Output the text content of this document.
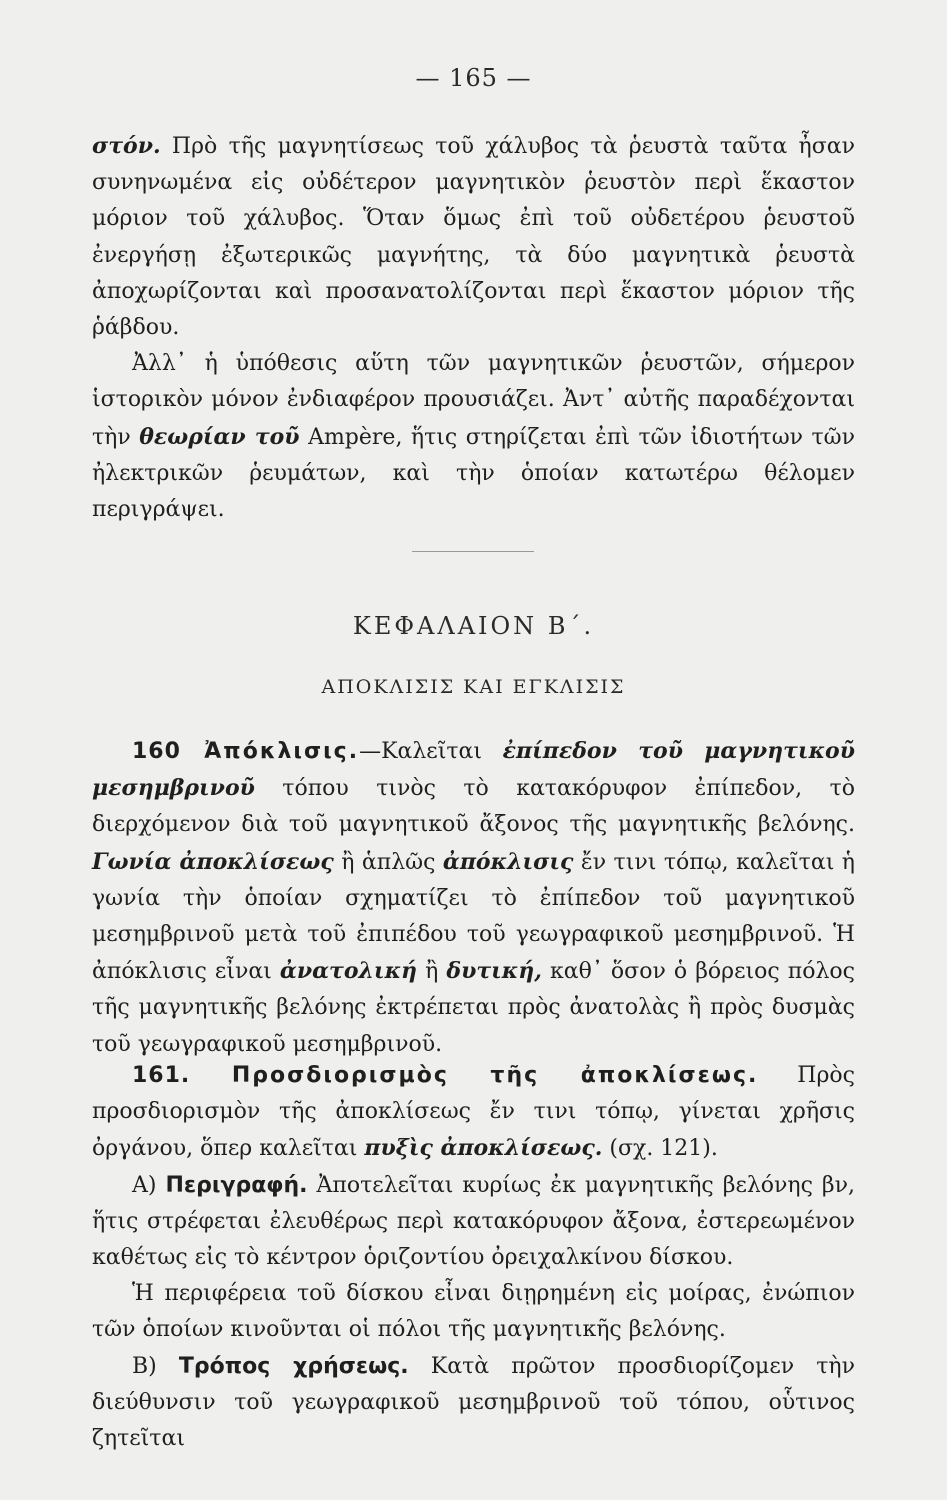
— 165 —

στόν. Πρὸ τῆς μαγνητίσεως τοῦ χάλυβος τὰ ῥευστὰ ταῦτα ἦσαν συνηνωμένα εἰς οὐδέτερον μαγνητικὸν ῥευστὸν περὶ ἕκαστον μόριον τοῦ χάλυβος. Ὅταν ὅμως ἐπὶ τοῦ οὐδετέρου ῥευστοῦ ἐνεργήσῃ ἐξωτερικῶς μαγνήτης, τὰ δύο μαγνητικὰ ῥευστὰ ἀποχωρίζονται καὶ προσανατολίζονται περὶ ἕκαστον μόριον τῆς ῥάβδου.

Ἀλλ᾿ ἡ ὑπόθεσις αὕτη τῶν μαγνητικῶν ῥευστῶν, σήμερον ἱστορικὸν μόνον ἐνδιαφέρον προυσιάζει. Ἀντ᾿ αὐτῆς παραδέχονται τὴν θεωρίαν τοῦ Ampère, ἥτις στηρίζεται ἐπὶ τῶν ἰδιοτήτων τῶν ἠλεκτρικῶν ῥευμάτων, καὶ τὴν ὁποίαν κατωτέρω θέλομεν περιγράψει.

ΚΕΦΑΛΑΙΟΝ Β΄.
ΑΠΟΚΛΙΣΙΣ ΚΑΙ ΕΓΚΛΙΣΙΣ

160 Ἀπόκλισις.—Καλεῖται ἐπίπεδον τοῦ μαγνητικοῦ μεσημβρινοῦ τόπου τινὸς τὸ κατακόρυφον ἐπίπεδον, τὸ διερχόμενον διὰ τοῦ μαγνητικοῦ ἄξονος τῆς μαγνητικῆς βελόνης. Γωνία ἀποκλίσεως ἢ ἁπλῶς ἀπόκλισις ἔν τινι τόπῳ, καλεῖται ἡ γωνία τὴν ὁποίαν σχηματίζει τὸ ἐπίπεδον τοῦ μαγνητικοῦ μεσημβρινοῦ μετὰ τοῦ ἐπιπέδου τοῦ γεωγραφικοῦ μεσημβρινοῦ. Ἡ ἀπόκλισις εἶναι ἀνατολική ἢ δυτική, καθ᾿ ὅσον ὁ βόρειος πόλος τῆς μαγνητικῆς βελόνης ἐκτρέπεται πρὸς ἀνατολὰς ἢ πρὸς δυσμὰς τοῦ γεωγραφικοῦ μεσημβρινοῦ.

161. Προσδιορισμὸς τῆς ἀποκλίσεως. Πρὸς προσδιορισμὸν τῆς ἀποκλίσεως ἔν τινι τόπῳ, γίνεται χρῆσις ὀργάνου, ὅπερ καλεῖται πυξὶς ἀποκλίσεως. (σχ. 121).

Α) Περιγραφή. Ἀποτελεῖται κυρίως ἐκ μαγνητικῆς βελόνης βν, ἥτις στρέφεται ἐλευθέρως περὶ κατακόρυφον ἄξονα, ἐστερεωμένον καθέτως εἰς τὸ κέντρον ὁριζοντίου ὀρειχαλκίνου δίσκου.

Ἡ περιφέρεια τοῦ δίσκου εἶναι διῃρημένη εἰς μοίρας, ἐνώπιον τῶν ὁποίων κινοῦνται οἱ πόλοι τῆς μαγνητικῆς βελόνης.

Β) Τρόπος χρήσεως. Κατὰ πρῶτον προσδιορίζομεν τὴν διεύθυνσιν τοῦ γεωγραφικοῦ μεσημβρινοῦ τοῦ τόπου, οὗτινος ζητεῖται
